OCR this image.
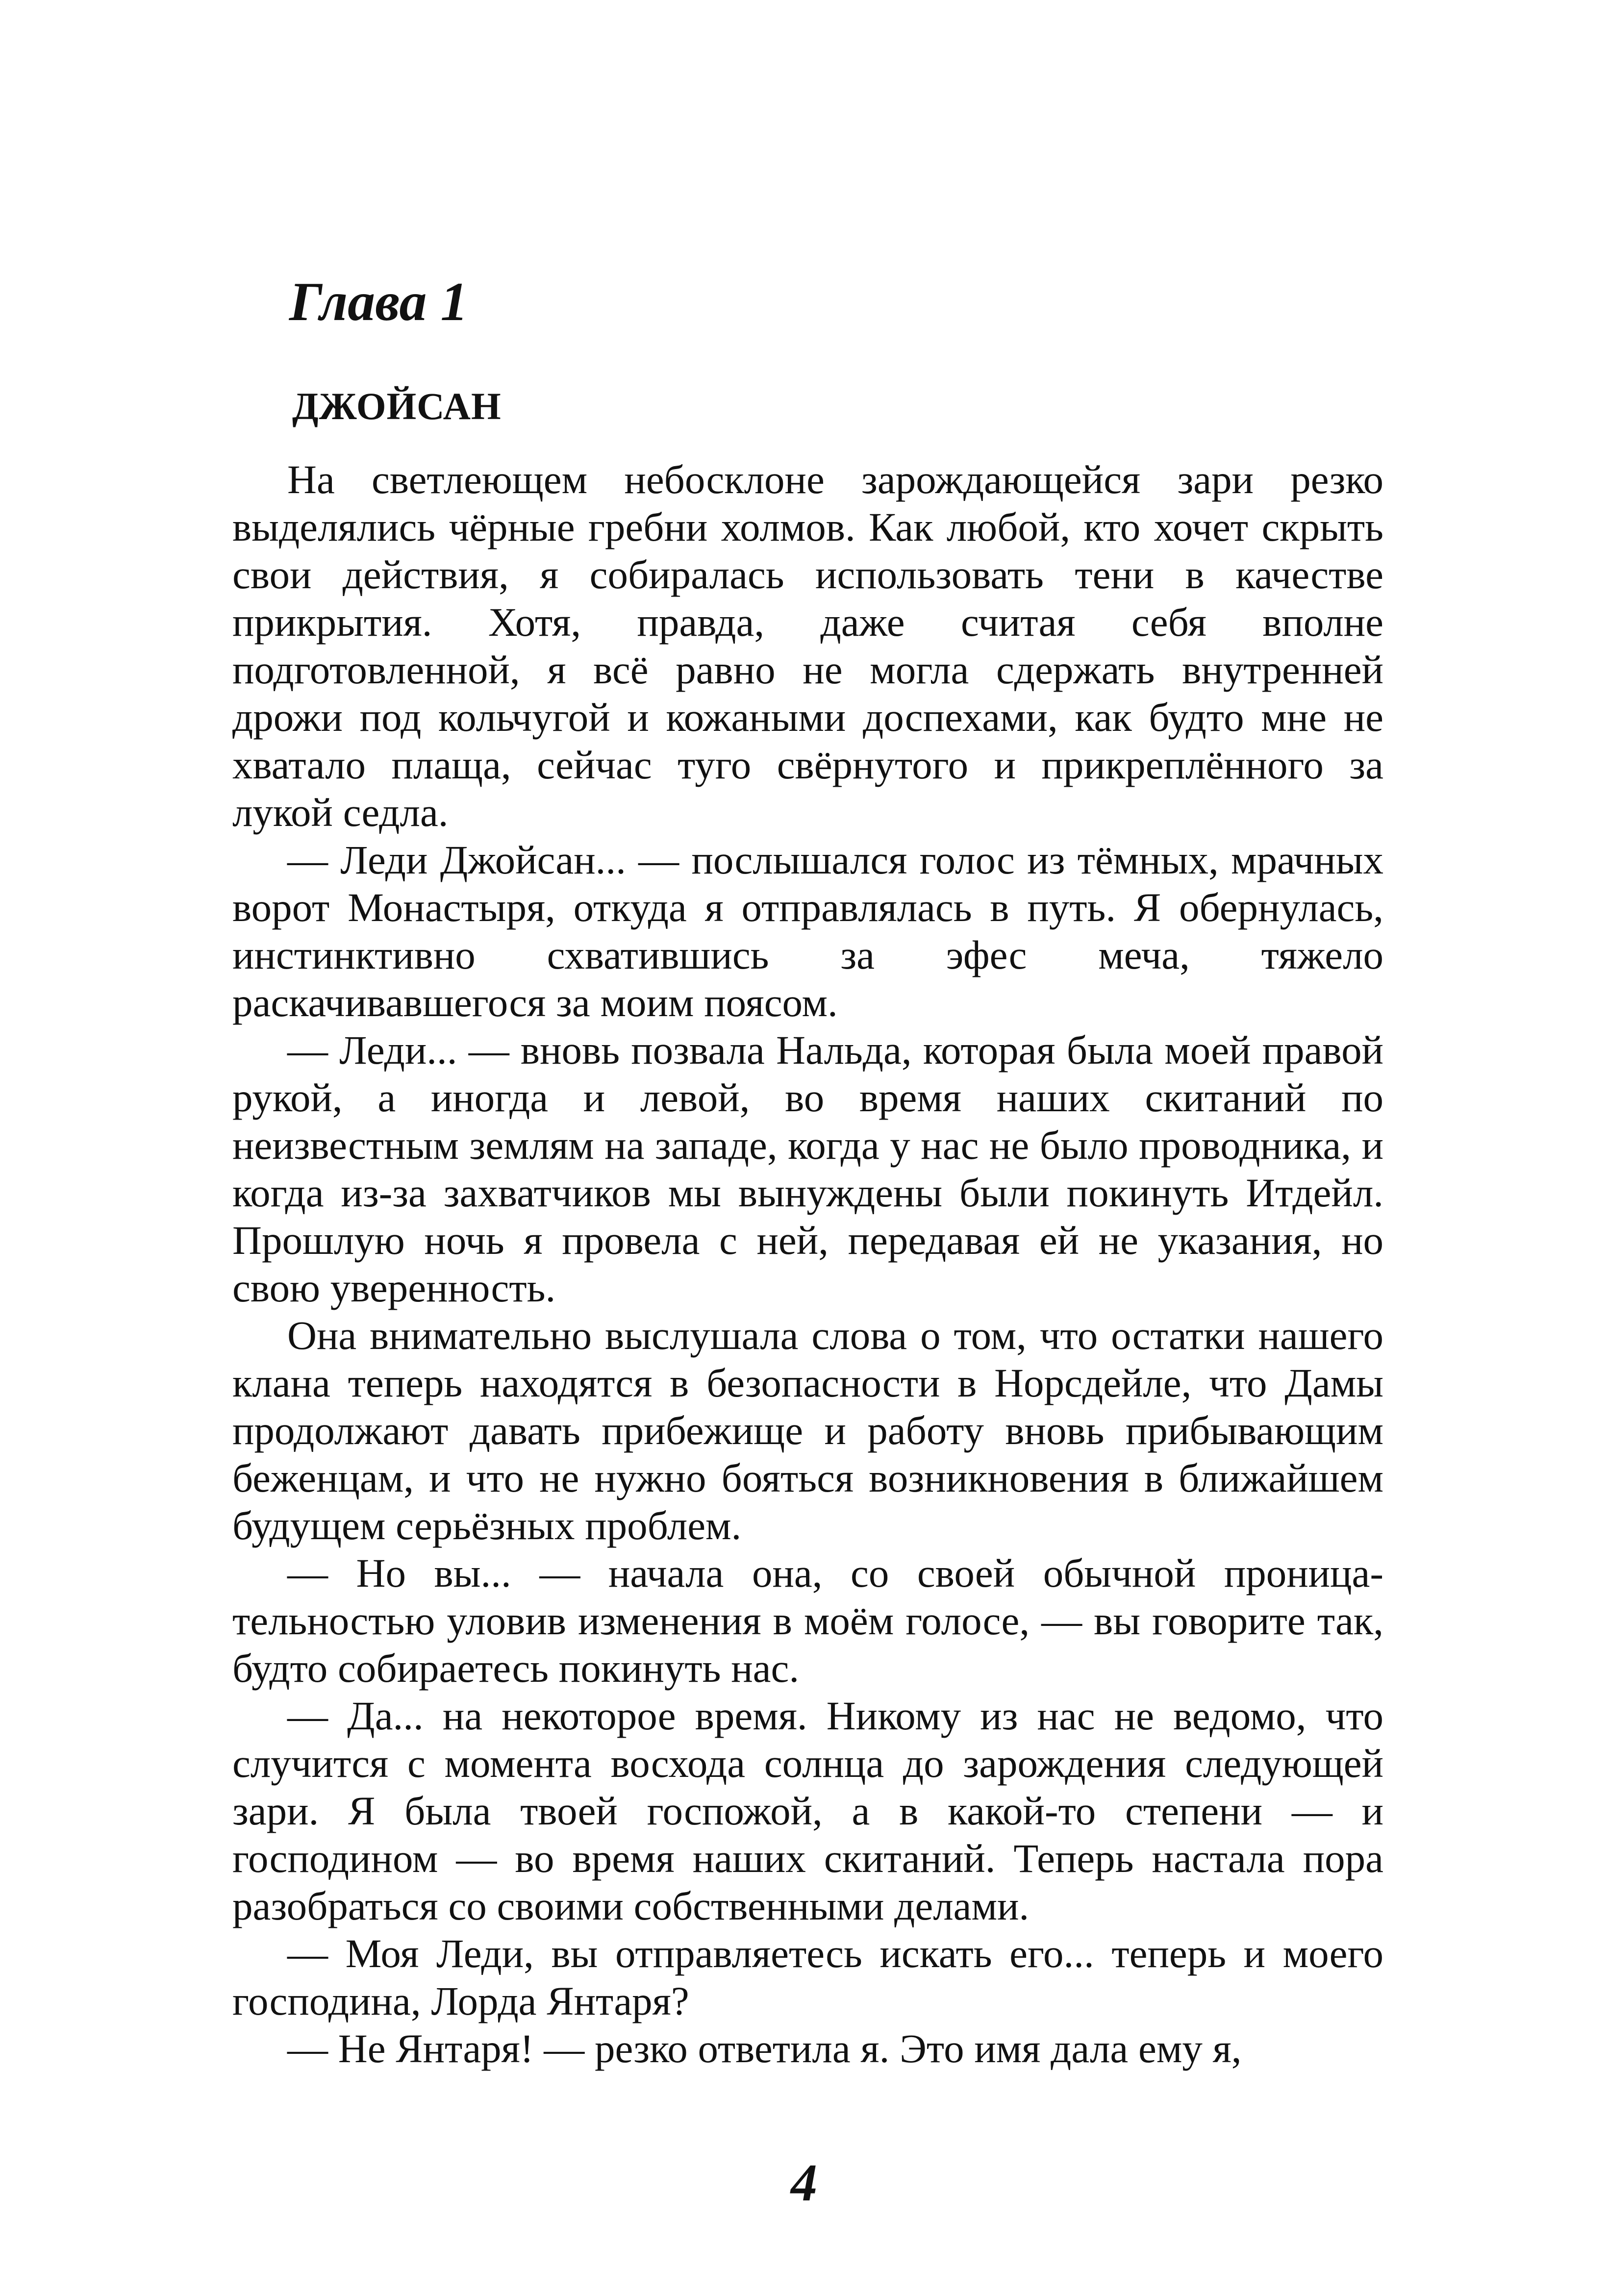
Глава 1
ДЖОЙСАН

На светлеющем небосклоне зарождающейся зари резко выделялись чёрные гребни холмов. Как любой, кто хочет скрыть свои действия, я собиралась использовать тени в качестве прикрытия. Хотя, правда, даже считая себя вполне подготовленной, я всё равно не могла сдержать внутренней дрожи под кольчугой и кожаными доспехами, как будто мне не хватало плаща, сейчас туго свёрнутого и прикреплённого за лукой седла.

— Леди Джойсан... — послышался голос из тёмных, мрачных ворот Монастыря, откуда я отправлялась в путь. Я обернулась, инстинктивно схватившись за эфес меча, тяжело раскачивавшегося за моим поясом.

— Леди... — вновь позвала Нальда, которая была моей правой рукой, а иногда и левой, во время наших скитаний по неизвестным землям на западе, когда у нас не было проводника, и когда из-за захватчиков мы вынуждены были покинуть Итдейл. Прошлую ночь я провела с ней, передавая ей не указания, но свою уверенность.

Она внимательно выслушала слова о том, что остатки нашего клана теперь находятся в безопасности в Норсдейле, что Дамы продолжают давать прибежище и работу вновь прибывающим беженцам, и что не нужно бояться возникновения в ближайшем будущем серьёзных проблем.

— Но вы... — начала она, со своей обычной проницательностью уловив изменения в моём голосе, — вы говорите так, будто собираетесь покинуть нас.

— Да... на некоторое время. Никому из нас не ведомо, что случится с момента восхода солнца до зарождения следующей зари. Я была твоей госпожой, а в какой-то степени — и господином — во время наших скитаний. Теперь настала пора разобраться со своими собственными делами.

— Моя Леди, вы отправляетесь искать его... теперь и моего господина, Лорда Янтаря?

— Не Янтаря! — резко ответила я. Это имя дала ему я,

4
